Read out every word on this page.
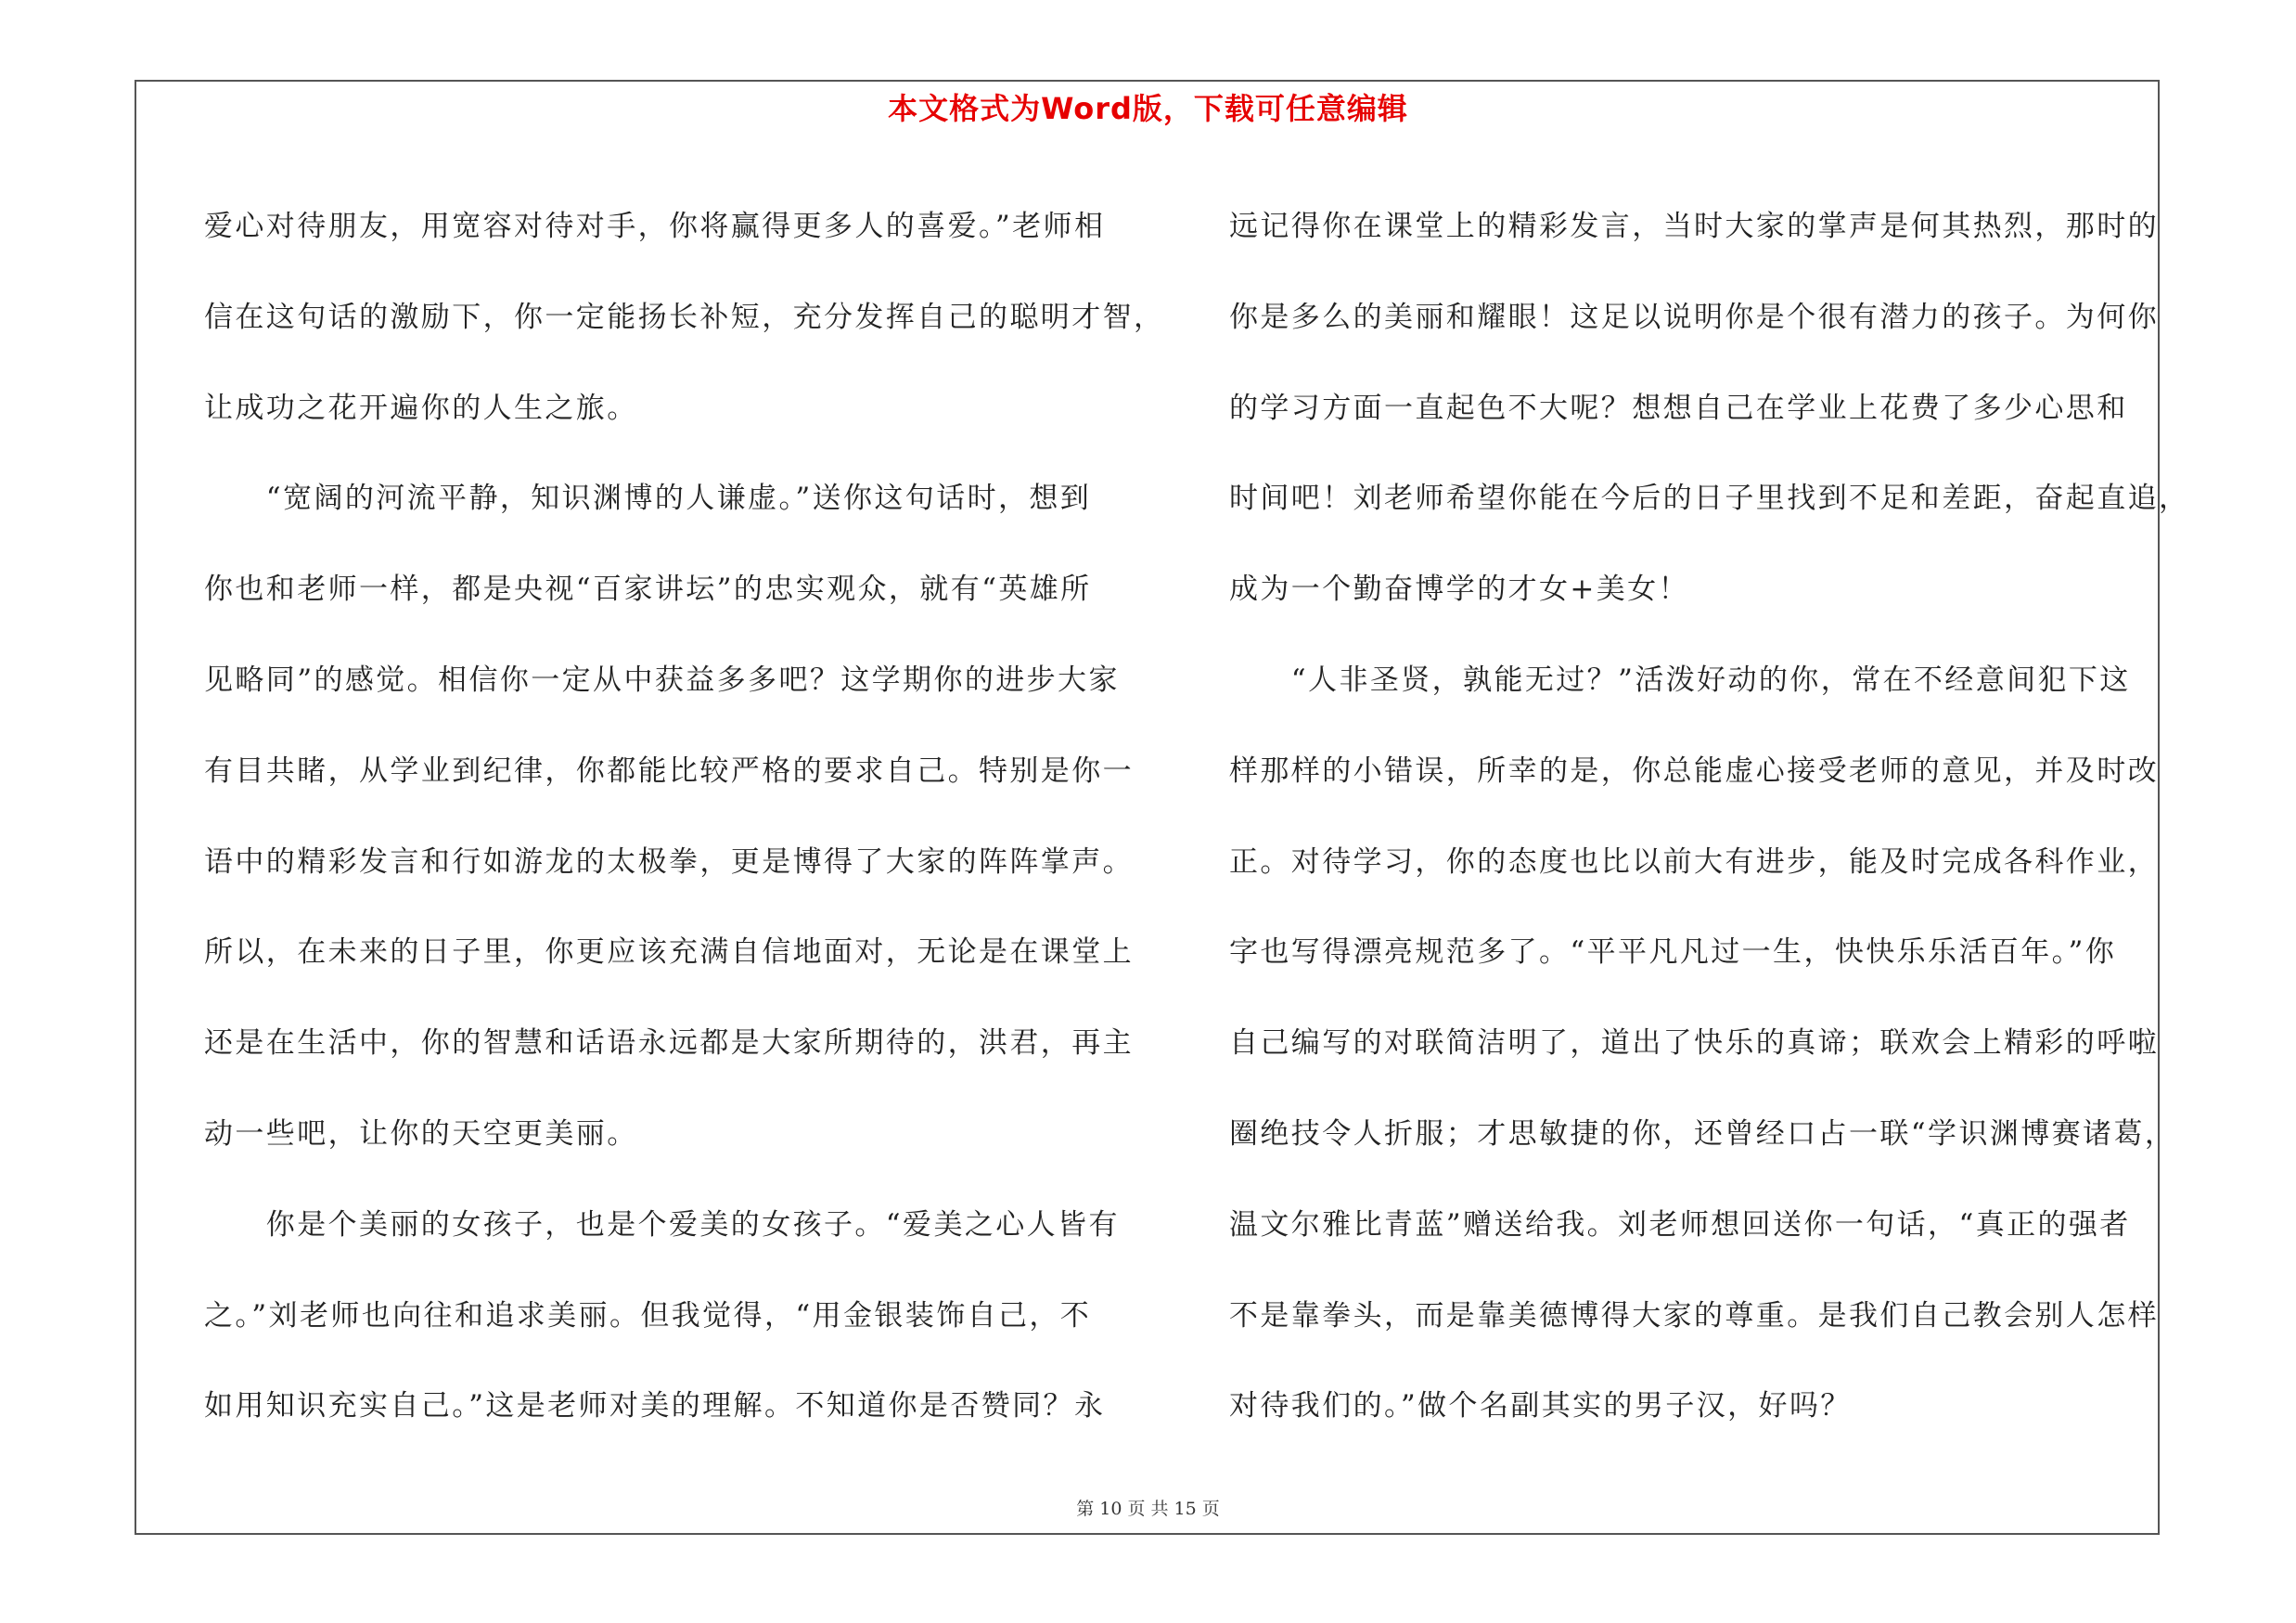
本文格式为Word版，下载可任意编辑
爱心对待朋友，用宽容对待对手，你将赢得更多人的喜爱。”老师相
信在这句话的激励下，你一定能扬长补短，充分发挥自己的聪明才智，
让成功之花开遍你的人生之旅。
　　“宽阔的河流平静，知识渊博的人谦虚。”送你这句话时，想到
你也和老师一样，都是央视“百家讲坛”的忠实观众，就有“英雄所
见略同”的感觉。相信你一定从中获益多多吧？这学期你的进步大家
有目共睹，从学业到纪律，你都能比较严格的要求自己。特别是你一
语中的精彩发言和行如游龙的太极拳，更是博得了大家的阵阵掌声。
所以，在未来的日子里，你更应该充满自信地面对，无论是在课堂上
还是在生活中，你的智慧和话语永远都是大家所期待的，洪君，再主
动一些吧，让你的天空更美丽。
　　你是个美丽的女孩子，也是个爱美的女孩子。“爱美之心人皆有
之。”刘老师也向往和追求美丽。但我觉得，“用金银装饰自己，不
如用知识充实自己。”这是老师对美的理解。不知道你是否赞同？永
远记得你在课堂上的精彩发言，当时大家的掌声是何其热烈，那时的
你是多么的美丽和耀眼！这足以说明你是个很有潜力的孩子。为何你
的学习方面一直起色不大呢？想想自己在学业上花费了多少心思和
时间吧！刘老师希望你能在今后的日子里找到不足和差距，奋起直追，
成为一个勤奋博学的才女+美女！
　　“人非圣贤，孰能无过？”活泼好动的你，常在不经意间犯下这
样那样的小错误，所幸的是，你总能虚心接受老师的意见，并及时改
正。对待学习，你的态度也比以前大有进步，能及时完成各科作业，
字也写得漂亮规范多了。“平平凡凡过一生，快快乐乐活百年。”你
自己编写的对联简洁明了，道出了快乐的真谛；联欢会上精彩的呼啦
圈绝技令人折服；才思敏捷的你，还曾经口占一联“学识渊博赛诸葛，
温文尔雅比青蓝”赠送给我。刘老师想回送你一句话，“真正的强者
不是靠拳头，而是靠美德博得大家的尊重。是我们自己教会别人怎样
对待我们的。”做个名副其实的男子汉，好吗？
第 10 页 共 15 页
